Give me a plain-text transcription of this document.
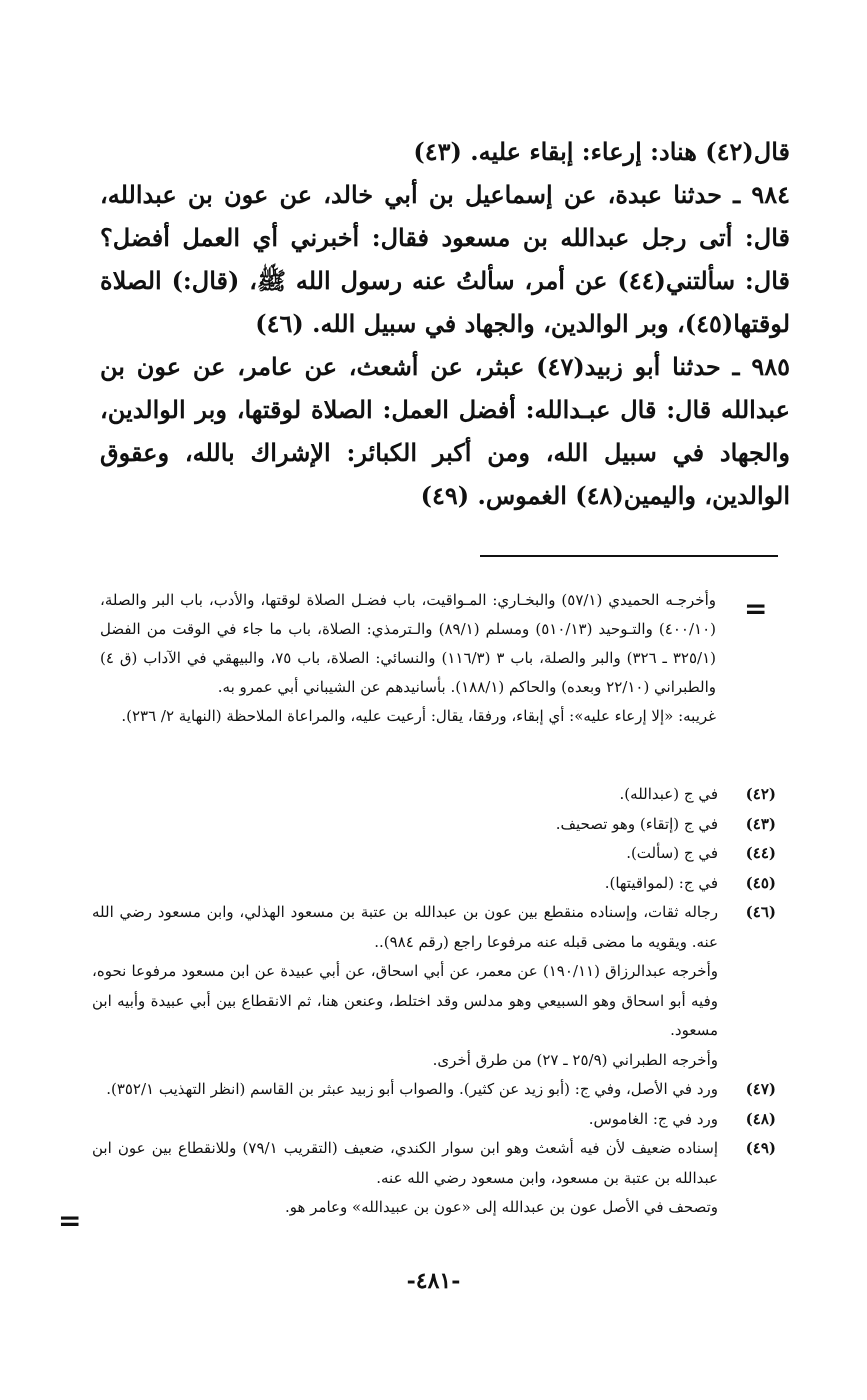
قال(٤٢) هناد: إرعاء: إبقاء عليه. (٤٣)

٩٨٤ ـ حدثنا عبدة، عن إسماعيل بن أبي خالد، عن عون بن عبدالله، قال: أتى رجل عبدالله بن مسعود فقال: أخبرني أي العمل أفضل؟ قال: سألتني(٤٤) عن أمر، سألتُ عنه رسول الله ﷺ، (قال:) الصلاة لوقتها(٤٥)، وبر الوالدين، والجهاد في سبيل الله. (٤٦)

٩٨٥ ـ حدثنا أبو زبيد(٤٧) عبثر، عن أشعث، عن عامر، عن عون بن عبدالله قال: قال عبـدالله: أفضل العمل: الصلاة لوقتها، وبر الوالدين، والجهاد في سبيل الله، ومن أكبر الكبائر: الإشراك بالله، وعقوق الوالدين، واليمين(٤٨) الغموس. (٤٩)

=

وأخرجـه الحميدي (٥٧/١) والبخـاري: المـواقيت، باب فضـل الصلاة لوقتها، والأدب، باب البر والصلة، (٤٠٠/١٠) والتـوحيد (٥١٠/١٣) ومسلم (٨٩/١) والـترمذي: الصلاة، باب ما جاء في الوقت من الفضل (٣٢٥/١ ـ ٣٢٦) والبر والصلة، باب ٣ (١١٦/٣) والنسائي: الصلاة، باب ٧٥، والبيهقي في الآداب (ق ٤) والطبراني (٢٢/١٠ وبعده) والحاكم (١٨٨/١). بأسانيدهم عن الشيباني أبي عمرو به.

غريبه: «إلا إرعاء عليه»: أي إبقاء، ورفقا، يقال: أرعيت عليه، والمراعاة الملاحظة (النهاية ٢/ ٢٣٦).

(٤٢)

في ج (عبدالله).

(٤٣)

في ج (إتقاء) وهو تصحيف.

(٤٤)

في ج (سألت).

(٤٥)

في ج: (لمواقيتها).

(٤٦)

رجاله ثقات، وإسناده منقطع بين عون بن عبدالله بن عتبة بن مسعود الهذلي، وابن مسعود رضي الله عنه. ويقويه ما مضى قبله عنه مرفوعا راجع (رقم ٩٨٤)..

وأخرجه عبدالرزاق (١٩٠/١١) عن معمر، عن أبي اسحاق، عن أبي عبيدة عن ابن مسعود مرفوعا نحوه، وفيه أبو اسحاق وهو السبيعي وهو مدلس وقد اختلط، وعنعن هنا، ثم الانقطاع بين أبي عبيدة وأبيه ابن مسعود.

وأخرجه الطبراني (٢٥/٩ ـ ٢٧) من طرق أخرى.

(٤٧)

ورد في الأصل، وفي ج: (أبو زيد عن كثير). والصواب أبو زبيد عبثر بن القاسم (انظر التهذيب ٣٥٢/١).

(٤٨)

ورد في ج: الغاموس.

(٤٩)

إسناده ضعيف لأن فيه أشعث وهو ابن سوار الكندي، ضعيف (التقريب ٧٩/١) وللانقطاع بين عون ابن عبدالله بن عتبة بن مسعود، وابن مسعود رضي الله عنه.

وتصحف في الأصل عون بن عبدالله إلى «عون بن عبيدالله» وعامر هو.

=
-٤٨١-
